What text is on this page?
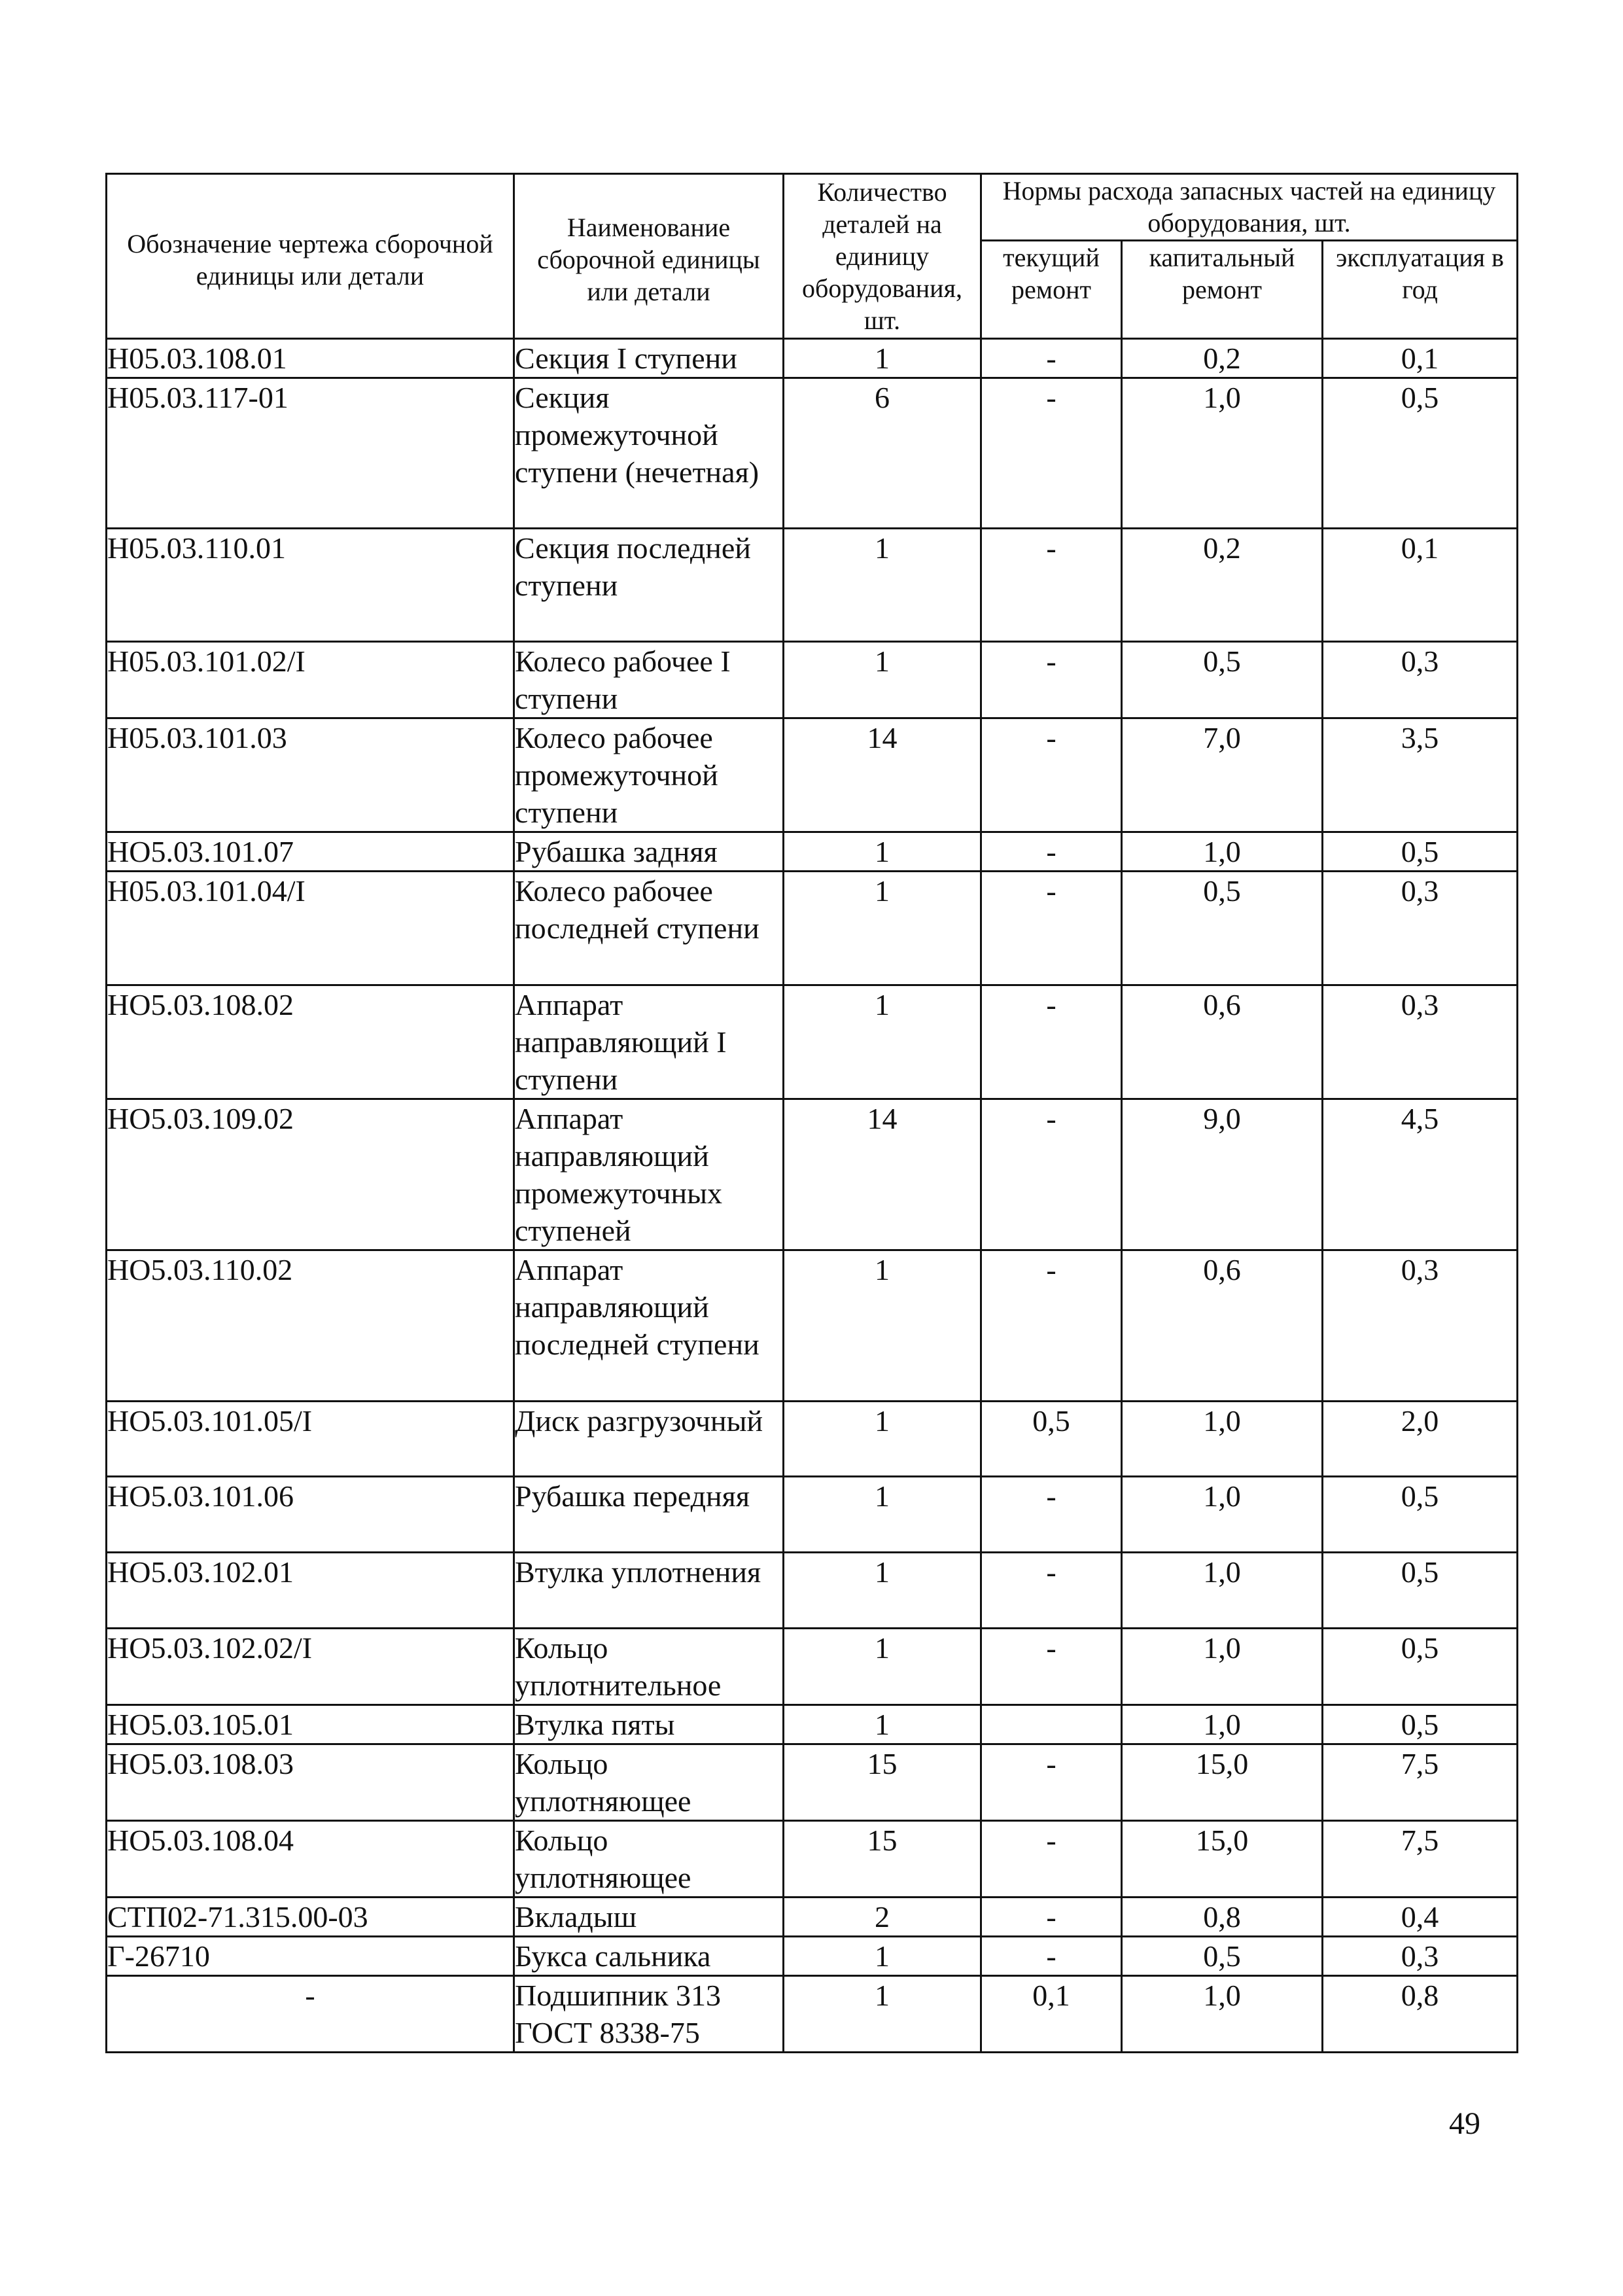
Обозначение чертежа сборочной единицы или детали	Наименование сборочной единицы или детали	Количество деталей на единицу оборудования, шт.	Нормы расхода запасных частей на единицу оборудования, шт.		
			текущий ремонт	капитальный ремонт	эксплуатация в год
Н05.03.108.01	Секция I ступени	1	-	0,2	0,1
Н05.03.117-01	Секция промежуточной ступени (нечетная)	6	-	1,0	0,5
Н05.03.110.01	Секция последней ступени	1	-	0,2	0,1
Н05.03.101.02/I	Колесо рабочее I ступени	1	-	0,5	0,3
Н05.03.101.03	Колесо рабочее промежуточной ступени	14	-	7,0	3,5
НО5.03.101.07	Рубашка задняя	1	-	1,0	0,5
Н05.03.101.04/I	Колесо рабочее последней ступени	1	-	0,5	0,3
НО5.03.108.02	Аппарат направляющий I ступени	1	-	0,6	0,3
НО5.03.109.02	Аппарат направляющий промежуточных ступеней	14	-	9,0	4,5
НО5.03.110.02	Аппарат направляющий последней ступени	1	-	0,6	0,3
НО5.03.101.05/I	Диск разгрузочный	1	0,5	1,0	2,0
НО5.03.101.06	Рубашка передняя	1	-	1,0	0,5
НО5.03.102.01	Втулка уплотнения	1	-	1,0	0,5
НО5.03.102.02/I	Кольцо уплотнительное	1	-	1,0	0,5
НО5.03.105.01	Втулка пяты	1		1,0	0,5
НО5.03.108.03	Кольцо уплотняющее	15	-	15,0	7,5
НО5.03.108.04	Кольцо уплотняющее	15	-	15,0	7,5
СТП02-71.315.00-03	Вкладыш	2	-	0,8	0,4
Г-26710	Букса сальника	1	-	0,5	0,3
-	Подшипник 313 ГОСТ 8338-75	1	0,1	1,0	0,8
49
